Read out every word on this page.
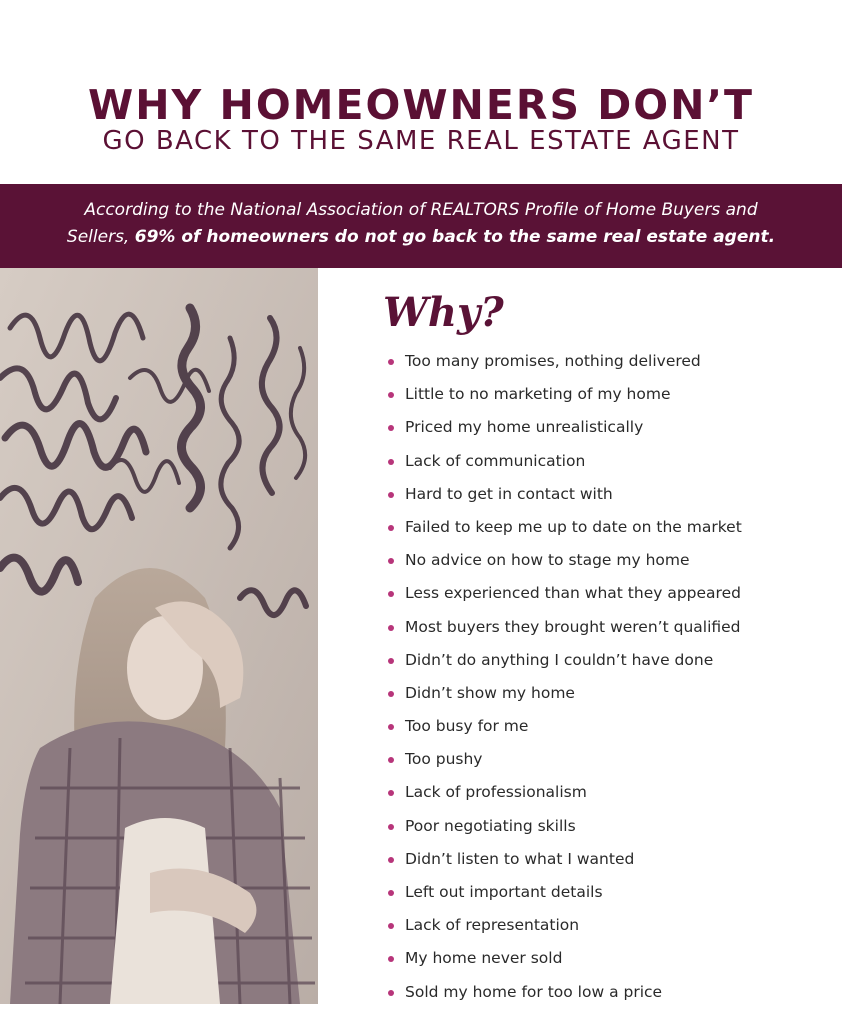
WHY HOMEOWNERS DON’T
GO BACK TO THE SAME REAL ESTATE AGENT
According to the National Association of REALTORS Profile of Home Buyers and Sellers, 69% of homeowners do not go back to the same real estate agent.
Why?
Too many promises, nothing delivered
Little to no marketing of my home
Priced my home unrealistically
Lack of communication
Hard to get in contact with
Failed to keep me up to date on the market
No advice on how to stage my home
Less experienced than what they appeared
Most buyers they brought weren’t qualified
Didn’t do anything I couldn’t have done
Didn’t show my home
Too busy for me
Too pushy
Lack of professionalism
Poor negotiating skills
Didn’t listen to what I wanted
Left out important details
Lack of representation
My home never sold
Sold my home for too low a price
